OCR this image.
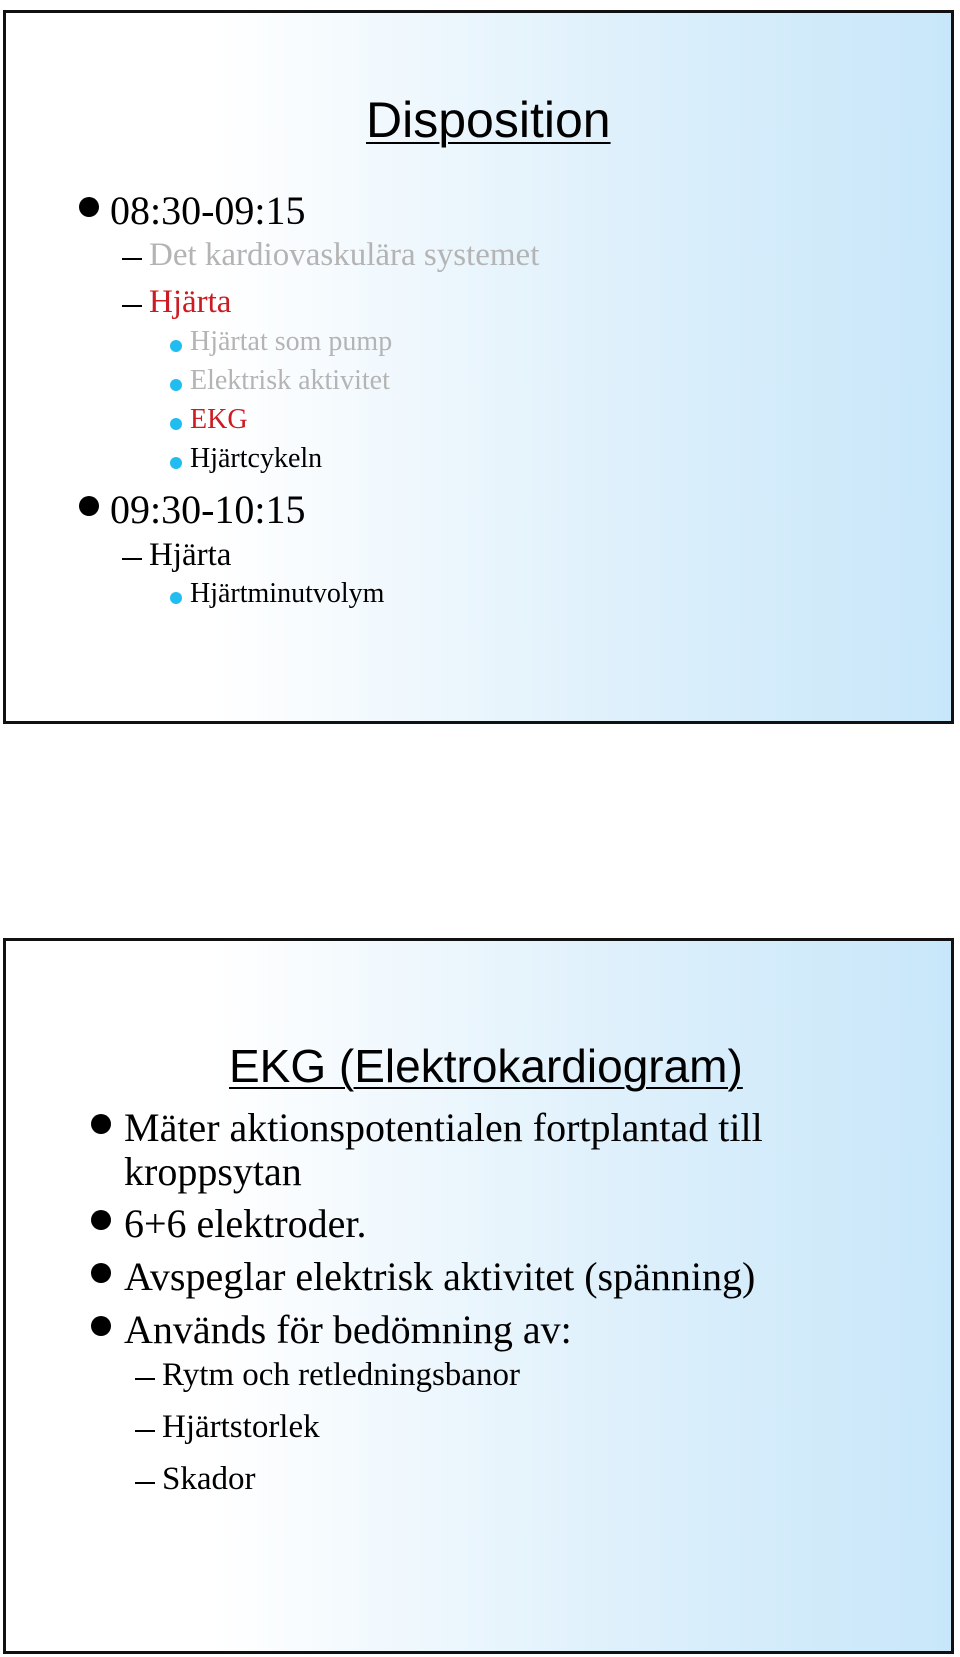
Disposition
08:30-09:15
Det kardiovaskulära systemet
Hjärta
Hjärtat som pump
Elektrisk aktivitet
EKG
Hjärtcykeln
09:30-10:15
Hjärta
Hjärtminutvolym
EKG (Elektrokardiogram)
Mäter aktionspotentialen fortplantad till
kroppsytan
6+6 elektroder.
Avspeglar elektrisk aktivitet (spänning)
Används för bedömning av:
Rytm och retledningsbanor
Hjärtstorlek
Skador
